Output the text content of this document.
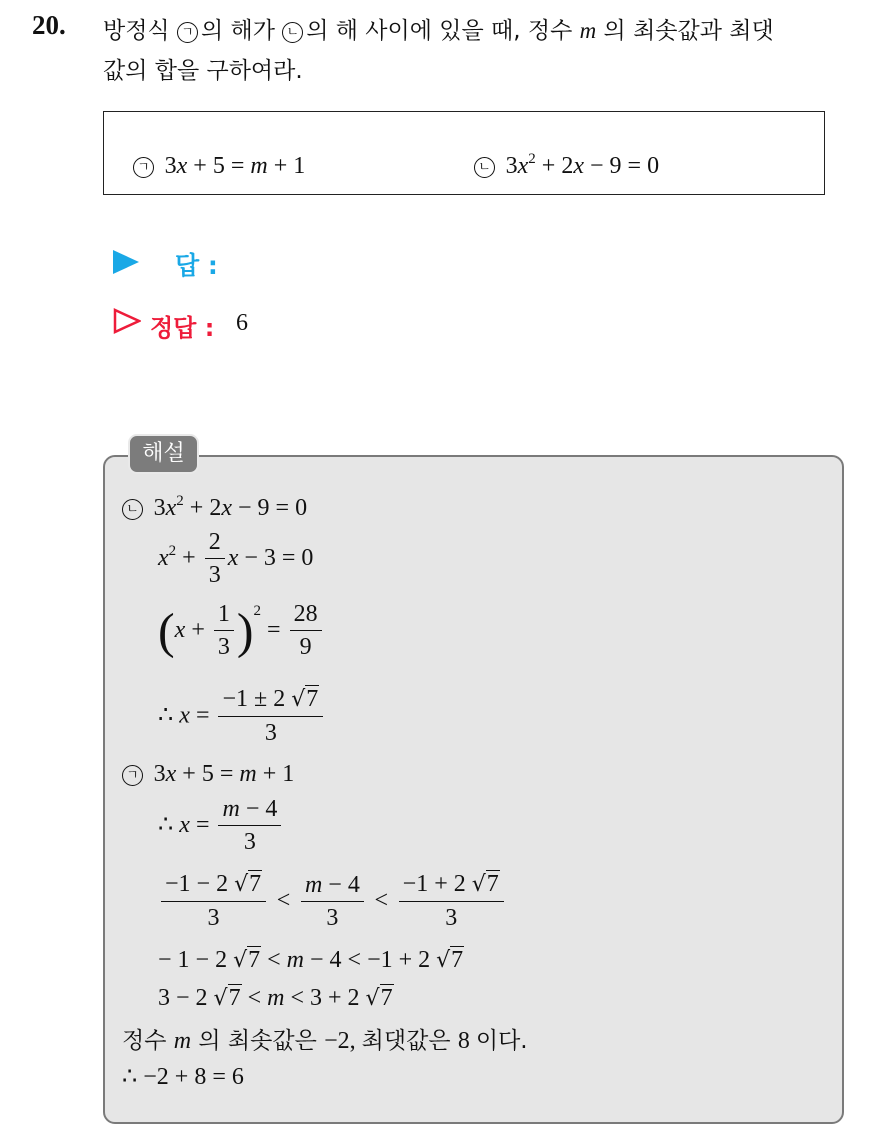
20. 방정식 ㄱ 의 해가 ㄴ 의 해 사이에 있을 때, 정수 m 의 최솟값과 최댓
값의 합을 구하여라.
ㄱ 3x + 5 = m + 1	ㄴ $3x^2 + 2x - 9 = 0$
답 :
정답 : 6
해설
ㄴ $3x^2 + 2x - 9 = 0$
$x^2 + \frac{2}{3}$ x − 3 = 0
$(x + \frac{1}{3} )^2 = \frac{28}{9}$
∴ $x = \frac{-1 \pm 2 √7}{3}$
ㄱ 3x + 5 = m + 1
∴ $x = \frac{m - 4}{3}$
$\frac{-1 - 2 √7}{3} < \frac{m - 4}{3} < \frac{-1 + 2 √7}{3}$
− 1 − 2 √7 < m − 4 < −1 + 2 √7
3 − 2 √7 < m < 3 + 2 √7
정수 m 의 최솟값은 −2, 최댓값은 8 이다.
∴ −2 + 8 = 6
